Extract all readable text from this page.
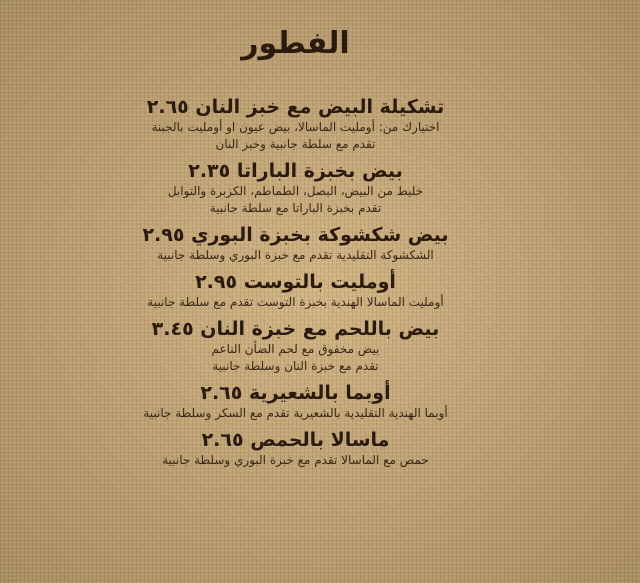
الفطور
تشكيلة البيض مع خبز النان ٢.٦٥
اختيارك من: أومليت الماسالا، بيض عيون او أومليت بالجبنة
تقدم مع سلطة جانبية وخبز النان
بيض بخبزة الباراتا ٢.٣٥
خليط من البيض، البصل، الطماطم، الكزبرة والتوابل
تقدم بخبزة الباراتا مع سلطة جانبية
بيض شكشوكة بخبزة البوري ٢.٩٥
الشكشوكة التقليدية تقدم مع خبزة البوري وسلطة جانبية
أومليت بالتوست ٢.٩٥
أومليت الماسالا الهندية بخبزة التوست تقدم مع سلطة جانبية
بيض باللحم مع خبزة النان ٣.٤٥
بيض مخفوق مع لحم الضأن الناعم
تقدم مع خبزة النان وسلطة جانبية
أوبما بالشعيرية ٢.٦٥
أوبما الهندية التقليدية بالشعيرية تقدم مع السكر وسلطة جانبية
ماسالا بالحمص ٢.٦٥
حمص مع الماسالا تقدم مع خبزة البوري وسلطة جانبية
